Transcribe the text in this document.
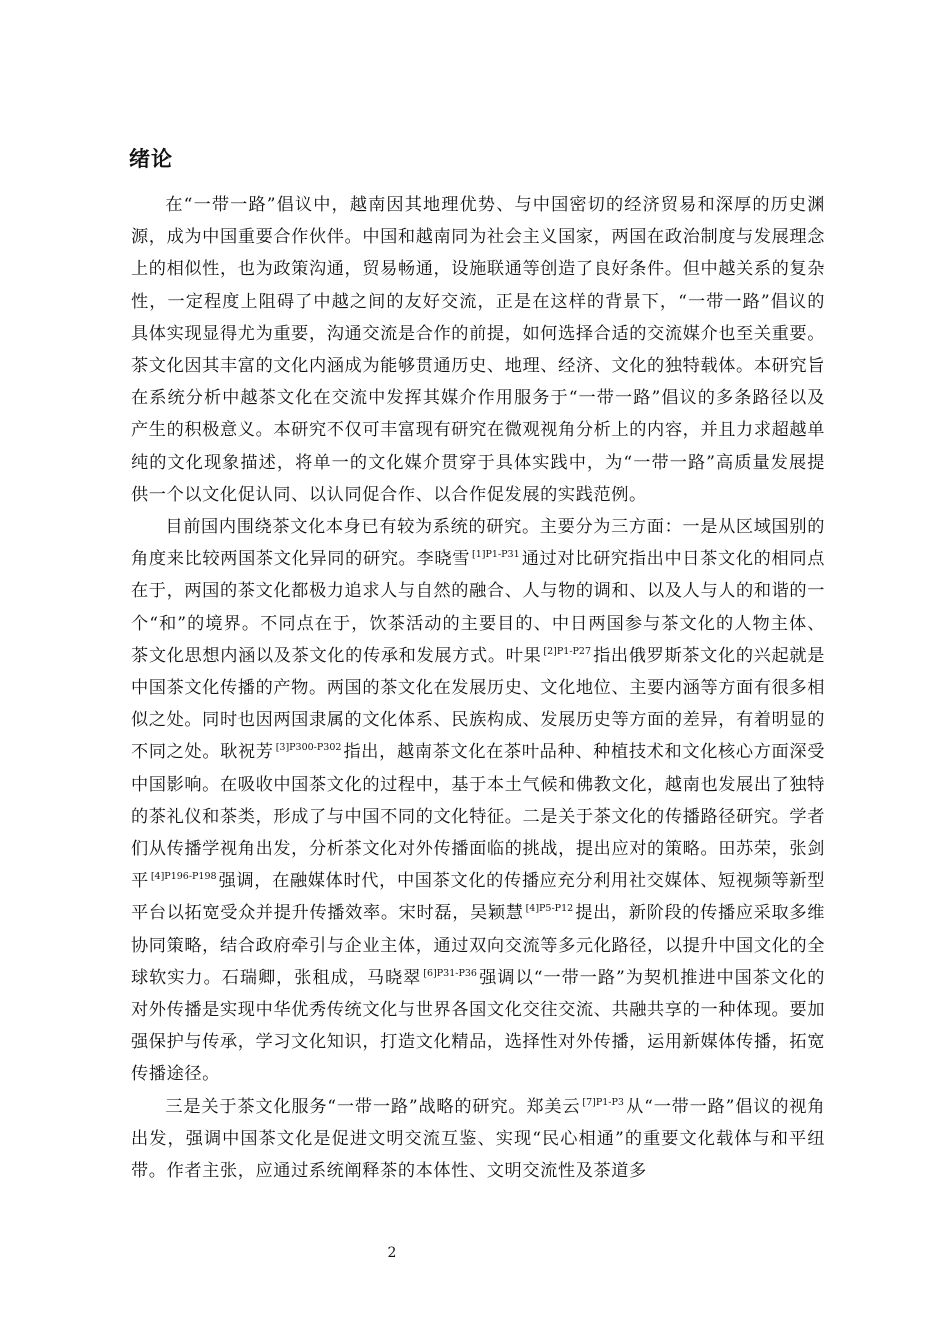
绪论

在“一带一路”倡议中，越南因其地理优势、与中国密切的经济贸易和深厚的历史渊源，成为中国重要合作伙伴。中国和越南同为社会主义国家，两国在政治制度与发展理念上的相似性，也为政策沟通，贸易畅通，设施联通等创造了良好条件。但中越关系的复杂性，一定程度上阻碍了中越之间的友好交流，正是在这样的背景下，“一带一路”倡议的具体实现显得尤为重要，沟通交流是合作的前提，如何选择合适的交流媒介也至关重要。茶文化因其丰富的文化内涵成为能够贯通历史、地理、经济、文化的独特载体。本研究旨在系统分析中越茶文化在交流中发挥其媒介作用服务于“一带一路”倡议的多条路径以及产生的积极意义。本研究不仅可丰富现有研究在微观视角分析上的内容，并且力求超越单纯的文化现象描述，将单一的文化媒介贯穿于具体实践中，为“一带一路”高质量发展提供一个以文化促认同、以认同促合作、以合作促发展的实践范例。

目前国内围绕茶文化本身已有较为系统的研究。主要分为三方面：一是从区域国别的角度来比较两国茶文化异同的研究。李晓雪 $^{[1]P1-P31}$ 通过对比研究指出中日茶文化的相同点在于，两国的茶文化都极力追求人与自然的融合、人与物的调和、以及人与人的和谐的一个“和”的境界。不同点在于，饮茶活动的主要目的、中日两国参与茶文化的人物主体、茶文化思想内涵以及茶文化的传承和发展方式。叶果 $^{[2]P1-P27}$ 指出俄罗斯茶文化的兴起就是中国茶文化传播的产物。两国的茶文化在发展历史、文化地位、主要内涵等方面有很多相似之处。同时也因两国隶属的文化体系、民族构成、发展历史等方面的差异，有着明显的不同之处。耿祝芳 $^{[3]P300-P302}$ 指出，越南茶文化在茶叶品种、种植技术和文化核心方面深受中国影响。在吸收中国茶文化的过程中，基于本土气候和佛教文化，越南也发展出了独特的茶礼仪和茶类，形成了与中国不同的文化特征。二是关于茶文化的传播路径研究。学者们从传播学视角出发，分析茶文化对外传播面临的挑战，提出应对的策略。田苏荣，张剑平 $^{[4]P196-P198}$ 强调，在融媒体时代，中国茶文化的传播应充分利用社交媒体、短视频等新型平台以拓宽受众并提升传播效率。宋时磊，吴颖慧 $^{[4]P5-P12}$ 提出，新阶段的传播应采取多维协同策略，结合政府牵引与企业主体，通过双向交流等多元化路径，以提升中国文化的全球软实力。石瑞卿，张租成，马晓翠 $^{[6]P31-P36}$ 强调以“一带一路”为契机推进中国茶文化的对外传播是实现中华优秀传统文化与世界各国文化交往交流、共融共享的一种体现。要加强保护与传承，学习文化知识，打造文化精品，选择性对外传播，运用新媒体传播，拓宽传播途径。

三是关于茶文化服务“一带一路”战略的研究。郑美云 $^{[7]P1-P3}$ 从“一带一路”倡议的视角出发，强调中国茶文化是促进文明交流互鉴、实现“民心相通”的重要文化载体与和平纽带。作者主张，应通过系统阐释茶的本体性、文明交流性及茶道多

2
